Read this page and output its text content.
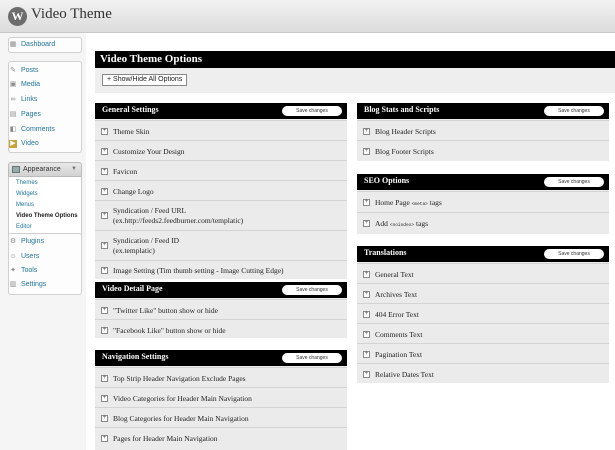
W Video Theme
▦ Dashboard
✎ Posts
▣ Media
∞ Links
▤ Pages
◧ Comments
▶ Video
Appearance ▼
Themes
Widgets
Menus
Video Theme Options
Editor
⚙ Plugins
☺ Users
✦ Tools
▥ Settings
Video Theme Options
+ Show/Hide All Options
General Settings	Save changes
+ Theme Skin
+ Customize Your Design
+ Favicon
+ Change Logo
+ Syndication / Feed URL
(ex.http://feeds2.feedburner.com/templatic)
+ Syndication / Feed ID
(ex.templatic)
+ Image Setting (Tim thumb setting - Image Cutting Edge)
Video Detail Page	Save changes
+ "Twitter Like" button show or hide
+ "Facebook Like" button show or hide
Navigation Settings	Save changes
+ Top Strip Header Navigation Exclude Pages
+ Video Categories for Header Main Navigation
+ Blog Categories for Header Main Navigation
+ Pages for Header Main Navigation
Blog Stats and Scripts	Save changes
+ Blog Header Scripts
+ Blog Footer Scripts
SEO Options	Save changes
+ Home Page <meta> tags
+ Add <noindex> tags
Translations	Save changes
+ General Text
+ Archives Text
+ 404 Error Text
+ Comments Text
+ Pagination Text
+ Relative Dates Text
